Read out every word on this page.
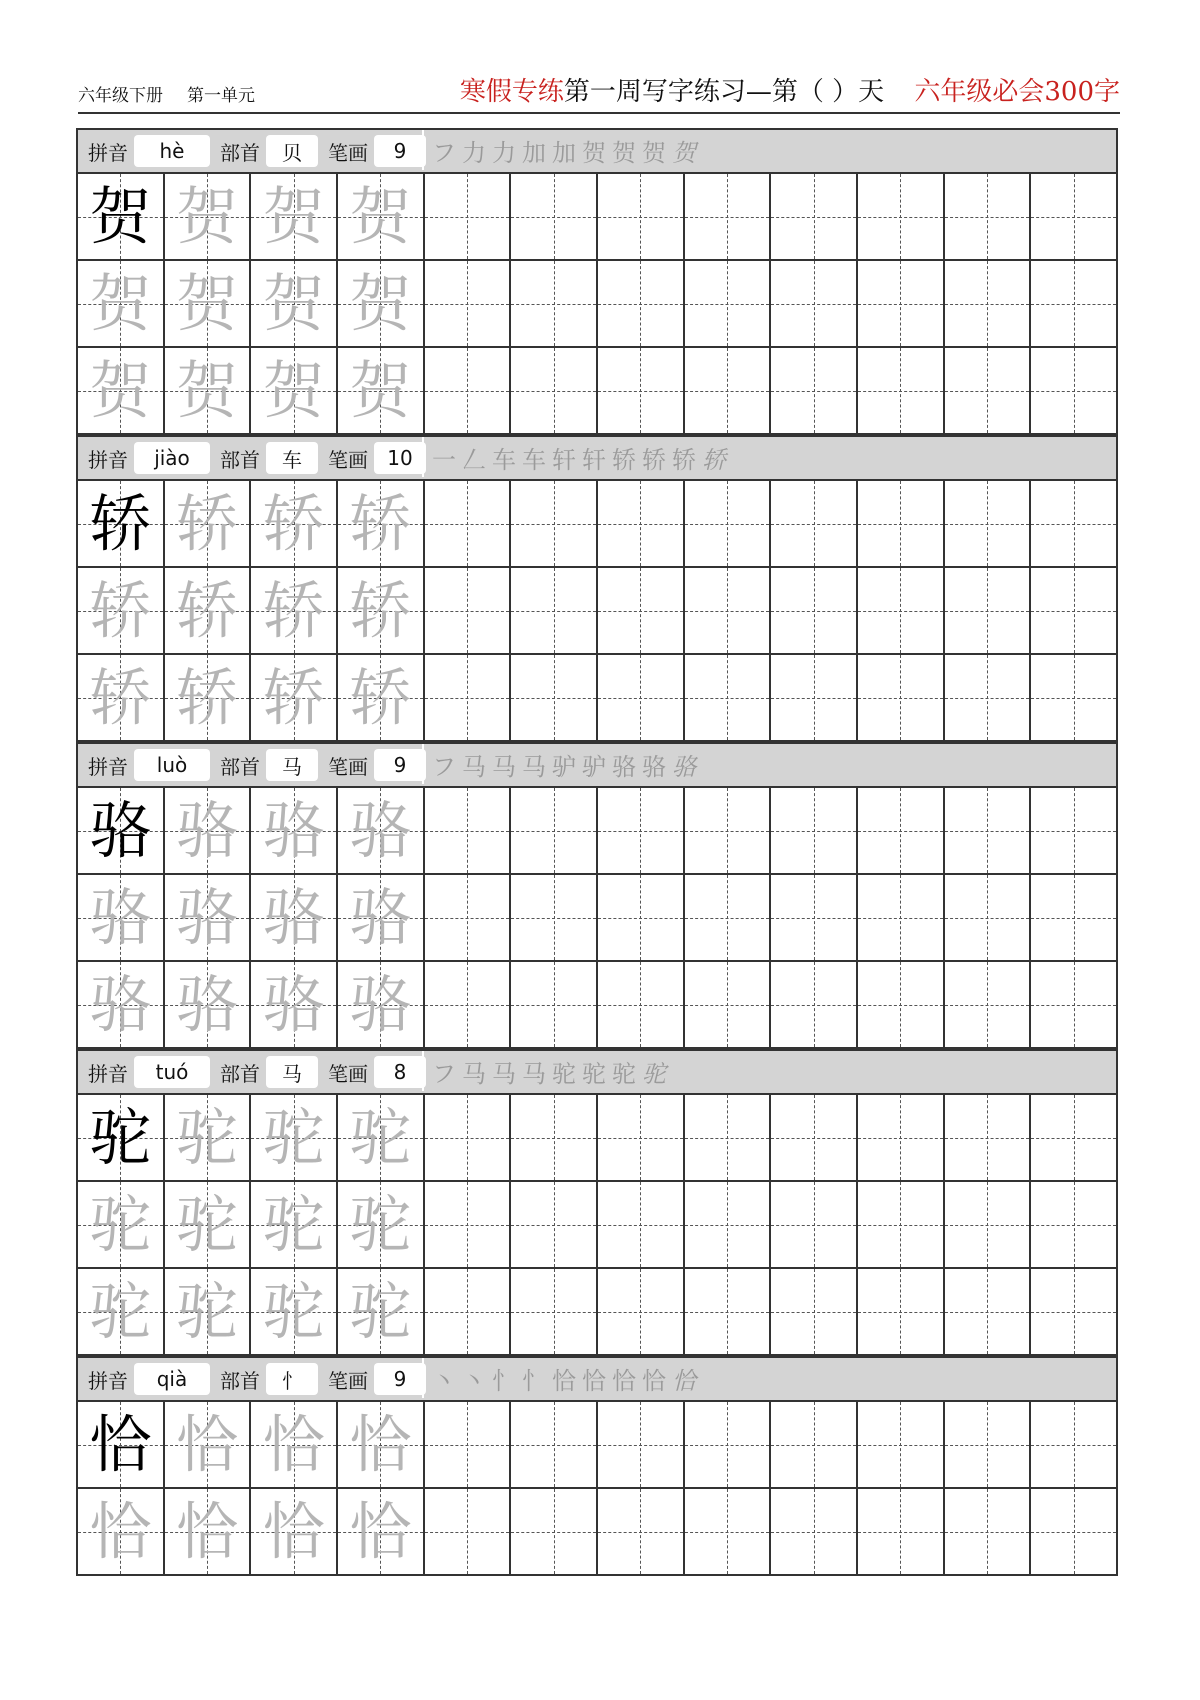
六年级下册 第一单元	寒假专练第一周写字练习—第（ ）天 六年级必会300字
拼音	hè	部首	贝	笔画	9	フ 力 力 加 加 贺 贺 贺 贺
贺 贺 贺 贺
贺 贺 贺 贺
贺 贺 贺 贺
拼音	jiào	部首	车	笔画 10 一 𠃋 车 车 轩 轩 轿 轿 轿 轿
轿 轿 轿 轿
轿 轿 轿 轿
轿 轿 轿 轿
拼音	luò	部首	马	笔画	9	フ 马 马 马 驴 驴 骆 骆 骆
骆 骆 骆 骆
骆 骆 骆 骆
骆 骆 骆 骆
拼音	tuó	部首	马	笔画	8	フ 马 马 马 驼 驼 驼 驼
驼 驼 驼 驼
驼 驼 驼 驼
驼 驼 驼 驼
拼音	qià	部首	忄	笔画	9	丶 丶 忄 忄 恰 恰 恰 恰 恰
恰 恰 恰 恰
恰 恰 恰 恰
